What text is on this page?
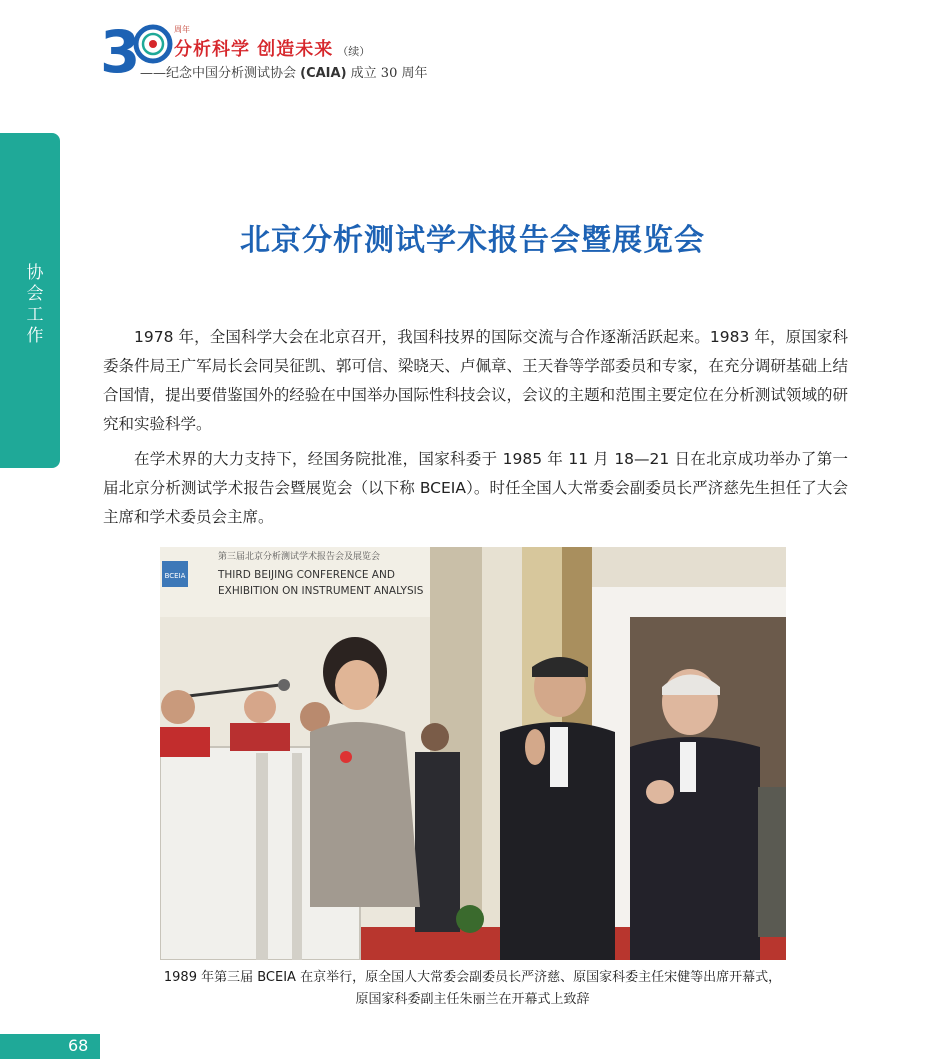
3	周年
分析科学 创造未来 （续）
——纪念中国分析测试协会 (CAIA) 成立 30 周年
协会工作
北京分析测试学术报告会暨展览会

1978 年，全国科学大会在北京召开，我国科技界的国际交流与合作逐渐活跃起来。1983 年，原国家科委条件局王广军局长会同吴征凯、郭可信、梁晓天、卢佩章、王天眷等学部委员和专家，在充分调研基础上结合国情，提出要借鉴国外的经验在中国举办国际性科技会议，会议的主题和范围主要定位在分析测试领域的研究和实验科学。

在学术界的大力支持下，经国务院批准，国家科委于 1985 年 11 月 18—21 日在北京成功举办了第一届北京分析测试学术报告会暨展览会（以下称 BCEIA）。时任全国人大常委会副委员长严济慈先生担任了大会主席和学术委员会主席。

BCEIA
第三届北京分析测试学术报告会及展览会
THIRD BEIJING CONFERENCE AND
EXHIBITION ON INSTRUMENT ANALYSIS
1989 年第三届 BCEIA 在京举行，原全国人大常委会副委员长严济慈、原国家科委主任宋健等出席开幕式，
原国家科委副主任朱丽兰在开幕式上致辞
68
